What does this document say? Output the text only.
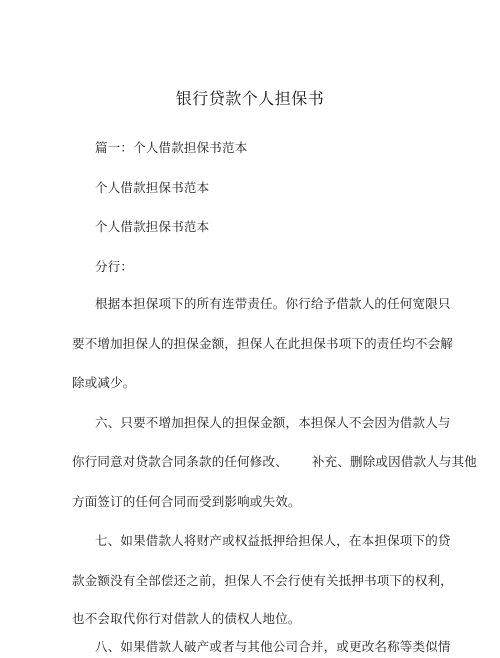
银行贷款个人担保书
篇一：个人借款担保书范本
个人借款担保书范本
个人借款担保书范本
分行：
根据本担保项下的所有连带责任。你行给予借款人的任何宽限只
要不增加担保人的担保金额，担保人在此担保书项下的责任均不会解
除或减少。
六、只要不增加担保人的担保金额，本担保人不会因为借款人与
你行同意对贷款合同条款的任何修改、 补充、删除或因借款人与其他
方面签订的任何合同而受到影响或失效。
七、如果借款人将财产或权益抵押给担保人，在本担保项下的贷
款金额没有全部偿还之前，担保人不会行使有关抵押书项下的权利，
也不会取代你行对借款人的债权人地位。
八、如果借款人破产或者与其他公司合并，或更改名称等类似情
